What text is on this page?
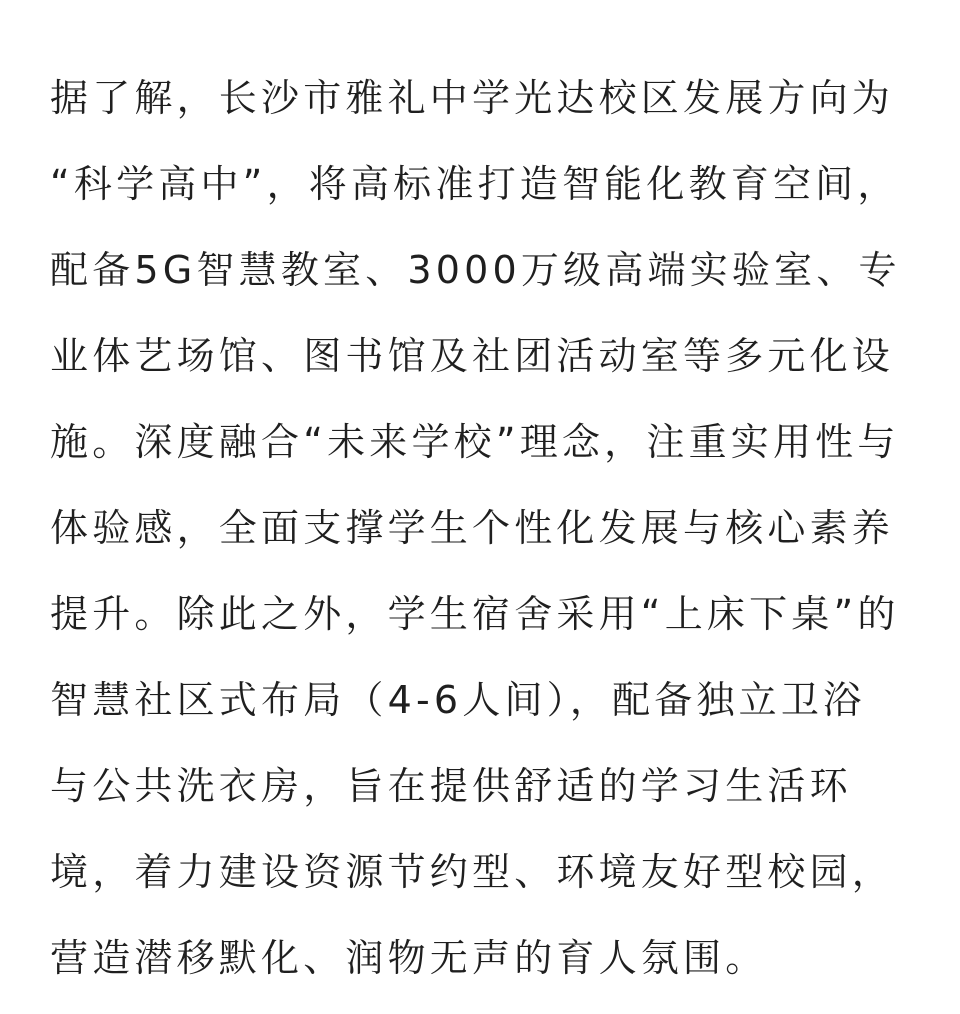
据了解，长沙市雅礼中学光达校区发展方向为
“科学高中”，将高标准打造智能化教育空间，
配备5G智慧教室、3000万级高端实验室、专
业体艺场馆、图书馆及社团活动室等多元化设
施。深度融合“未来学校”理念，注重实用性与
体验感，全面支撑学生个性化发展与核心素养
提升。除此之外，学生宿舍采用“上床下桌”的
智慧社区式布局（4-6人间），配备独立卫浴
与公共洗衣房，旨在提供舒适的学习生活环
境，着力建设资源节约型、环境友好型校园，
营造潜移默化、润物无声的育人氛围。
